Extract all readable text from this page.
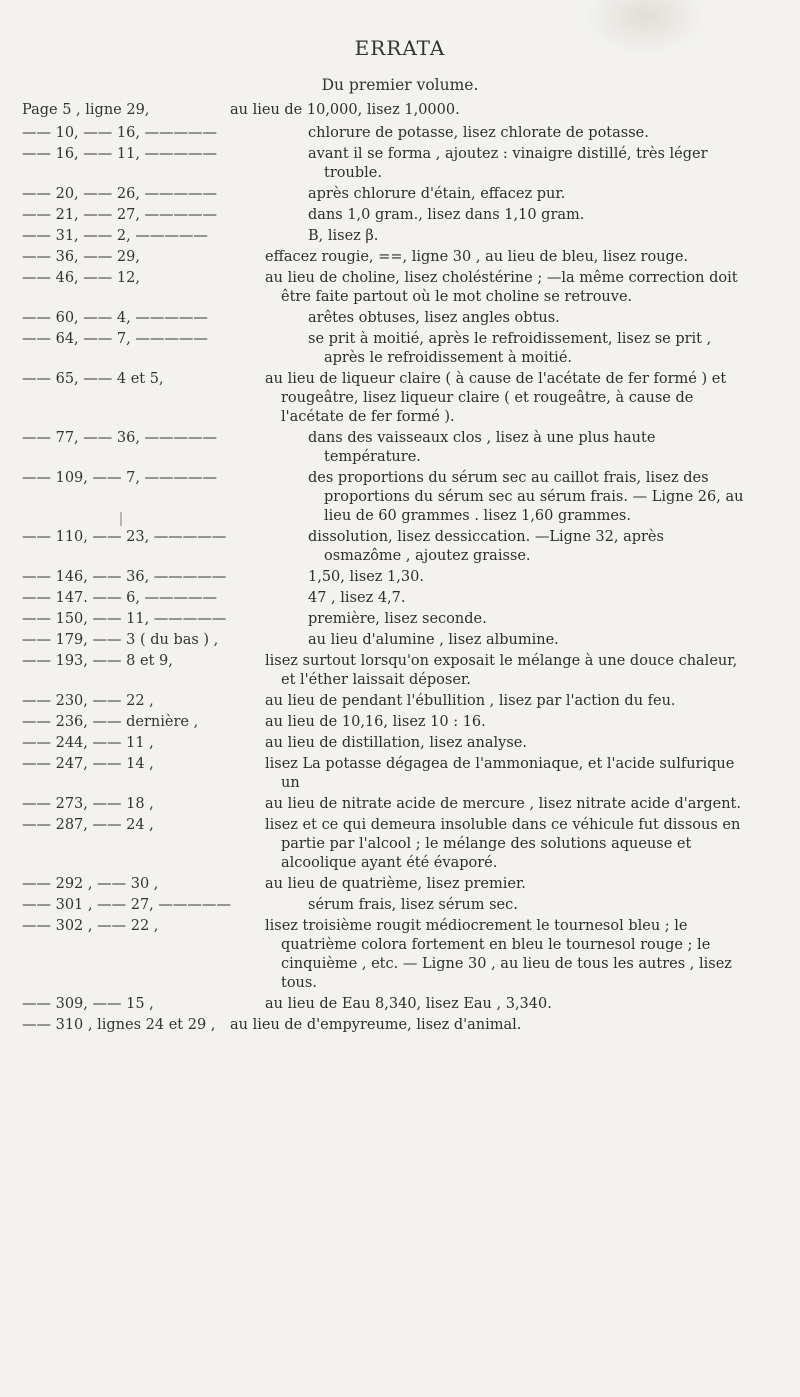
ERRATA
Du premier volume.
Page 5 , ligne 29,	au lieu de 10,000, lisez 1,0000.
—— 10, —— 16, —————	chlorure de potasse, lisez chlorate de potasse.
—— 16, —— 11, —————	avant il se forma , ajoutez : vinaigre distillé, très léger trouble.
—— 20, —— 26, —————	après chlorure d'étain, effacez pur.
—— 21, —— 27, —————	dans 1,0 gram., lisez dans 1,10 gram.
—— 31, —— 2, —————	B, lisez β.
—— 36, —— 29,	effacez rougie, ==, ligne 30 , au lieu de bleu, lisez rouge.
—— 46, —— 12,	au lieu de choline, lisez choléstérine ; —la même correction doit être faite partout où le mot choline se retrouve.
—— 60, —— 4, —————	arêtes obtuses, lisez angles obtus.
—— 64, —— 7, —————	se prit à moitié, après le refroidissement, lisez se prit , après le refroidissement à moitié.
—— 65, —— 4 et 5,	au lieu de liqueur claire ( à cause de l'acétate de fer formé ) et rougeâtre, lisez liqueur claire ( et rougeâtre, à cause de l'acétate de fer formé ).
—— 77, —— 36, —————	dans des vaisseaux clos , lisez à une plus haute température.
—— 109, —— 7, —————	des proportions du sérum sec au caillot frais, lisez des proportions du sérum sec au sérum frais. — Ligne 26, au lieu de 60 grammes . lisez 1,60 grammes.
—— 110, —— 23, —————	dissolution, lisez dessiccation. —Ligne 32, après osmazôme , ajoutez graisse.
—— 146, —— 36, —————	1,50, lisez 1,30.
—— 147. —— 6, —————	47 , lisez 4,7.
—— 150, —— 11, —————	première, lisez seconde.
—— 179, —— 3 ( du bas ) ,	au lieu d'alumine , lisez albumine.
—— 193, —— 8 et 9,	lisez surtout lorsqu'on exposait le mélange à une douce chaleur, et l'éther laissait déposer.
—— 230, —— 22 ,	au lieu de pendant l'ébullition , lisez par l'action du feu.
—— 236, —— dernière ,	au lieu de 10,16, lisez 10 : 16.
—— 244, —— 11 ,	au lieu de distillation, lisez analyse.
—— 247, —— 14 ,	lisez La potasse dégagea de l'ammoniaque, et l'acide sulfurique un
—— 273, —— 18 ,	au lieu de nitrate acide de mercure , lisez nitrate acide d'argent.
—— 287, —— 24 ,	lisez et ce qui demeura insoluble dans ce véhicule fut dissous en partie par l'alcool ; le mélange des solutions aqueuse et alcoolique ayant été évaporé.
—— 292 , —— 30 ,	au lieu de quatrième, lisez premier.
—— 301 , —— 27, —————	sérum frais, lisez sérum sec.
—— 302 , —— 22 ,	lisez troisième rougit médiocrement le tournesol bleu ; le quatrième colora fortement en bleu le tournesol rouge ; le cinquième , etc. — Ligne 30 , au lieu de tous les autres , lisez tous.
—— 309, —— 15 ,	au lieu de Eau 8,340, lisez Eau , 3,340.
—— 310 , lignes 24 et 29 ,	au lieu de d'empyreume, lisez d'animal.
